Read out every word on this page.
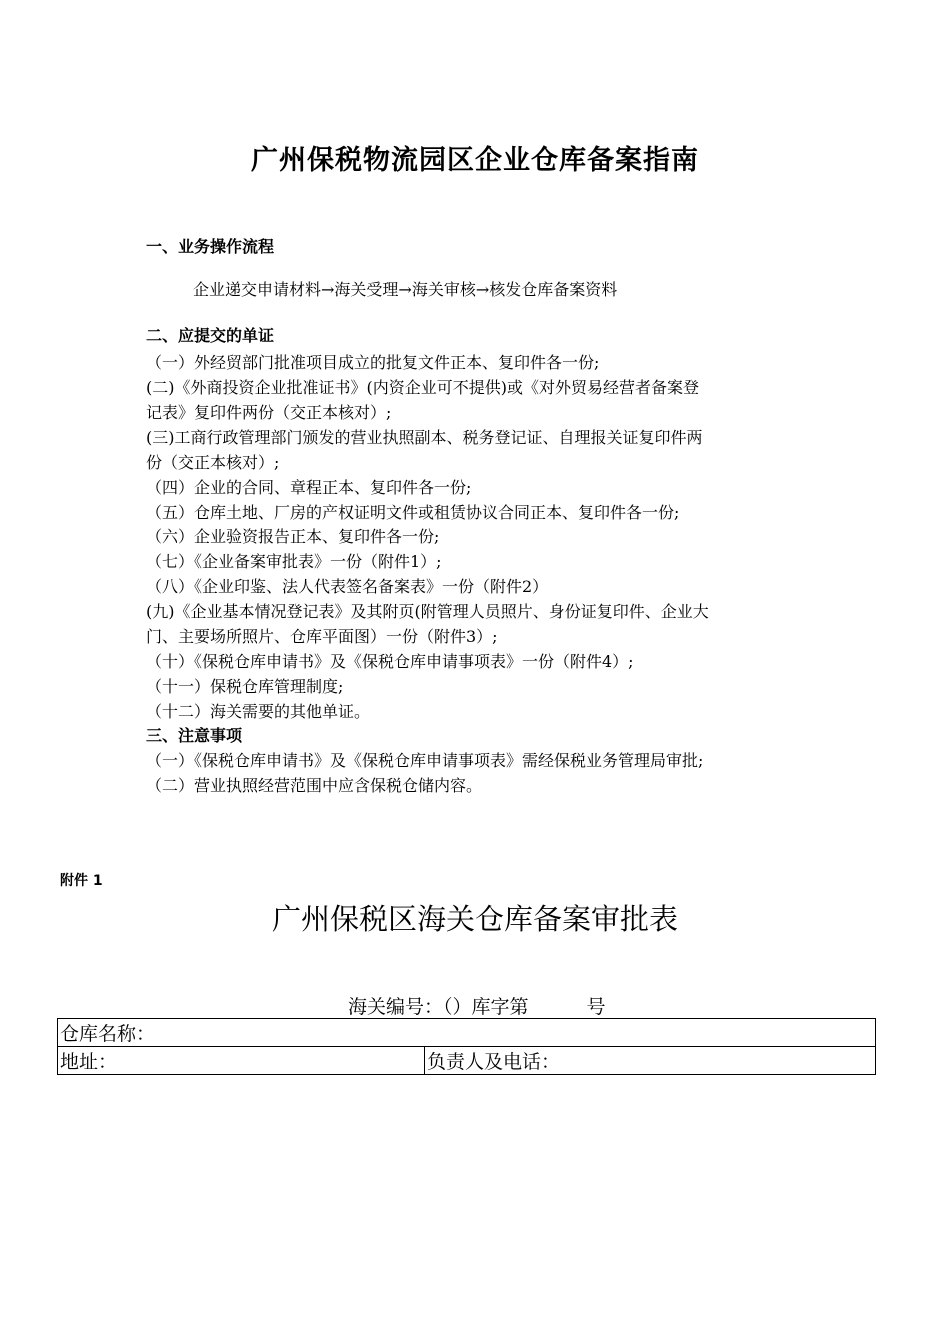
广州保税物流园区企业仓库备案指南
一、业务操作流程
企业递交申请材料→海关受理→海关审核→核发仓库备案资料
二、应提交的单证
（一）外经贸部门批准项目成立的批复文件正本、复印件各一份;
(二)《外商投资企业批准证书》(内资企业可不提供)或《对外贸易经营者备案登
记表》复印件两份（交正本核对）;
(三)工商行政管理部门颁发的营业执照副本、税务登记证、自理报关证复印件两
份（交正本核对）;
（四）企业的合同、章程正本、复印件各一份;
（五）仓库土地、厂房的产权证明文件或租赁协议合同正本、复印件各一份;
（六）企业验资报告正本、复印件各一份;
（七）《企业备案审批表》一份（附件1）;
（八）《企业印鉴、法人代表签名备案表》一份（附件2）
(九)《企业基本情况登记表》及其附页(附管理人员照片、身份证复印件、企业大
门、主要场所照片、仓库平面图）一份（附件3）;
（十）《保税仓库申请书》及《保税仓库申请事项表》一份（附件4）;
（十一）保税仓库管理制度;
（十二）海关需要的其他单证。
三、注意事项
（一）《保税仓库申请书》及《保税仓库申请事项表》需经保税业务管理局审批;
（二）营业执照经营范围中应含保税仓储内容。
附件 1
广州保税区海关仓库备案审批表
海关编号：（）库字第	号
仓库名称：
地址：	负责人及电话：
